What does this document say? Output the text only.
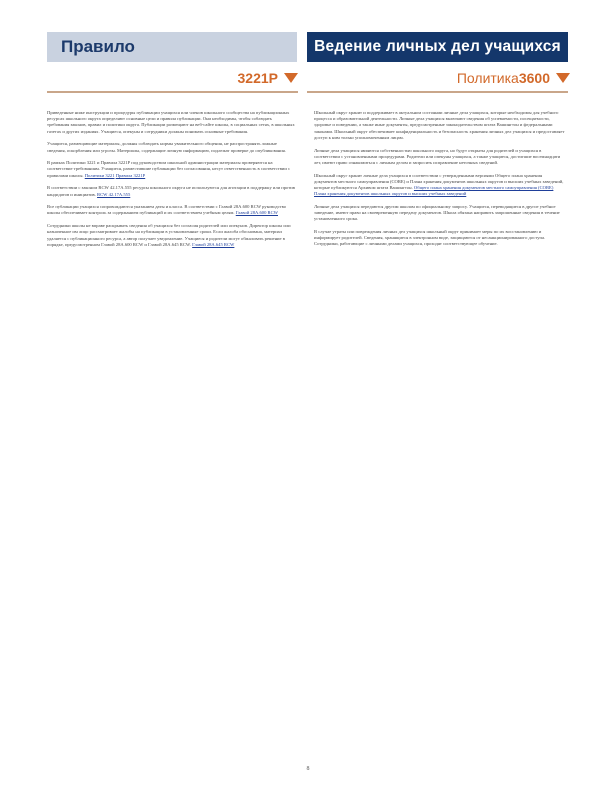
Правило	Ведение личных дел учащихся
3221P	Политика 3600

Приведенные ниже инструкции и процедуры публикации учащихся или членов школьного сообщества на публикационных ресурсах школьного округа определяют основные цели и правила публикации. Они необходимы, чтобы соблюдать требования законов, правил и политики округа. Публикации размещают на веб-сайте школы, в социальных сетях, в школьных газетах и других изданиях. Учащиеся, опекуны и сотрудники должны понимать основные требования.

Учащиеся, размещающие материалы, должны соблюдать нормы уважительного общения, не распространять ложные сведения, оскорбления или угрозы. Материалы, содержащие личную информацию, подлежат проверке до опубликования.

В рамках Политики 3221 и Правила 3221Р под руководством школьной администрации материалы проверяются на соответствие требованиям. Учащиеся, разместившие публикации без согласования, несут ответственность в соответствии с правилами школы. Политики 3221 Правила 3221Р

В соответствии с законом RCW 42.17A.555 ресурсы школьного округа не используются для агитации в поддержку или против кандидатов и инициатив. RCW 42.17A.555

Все публикации учащихся сопровождаются указанием даты и класса. В соответствии с Главой 28А.600 RCW руководство школы обеспечивает контроль за содержанием публикаций и их соответствием учебным целям. Главой 28А.600 RCW

Сотрудники школы не вправе раскрывать сведения об учащихся без согласия родителей или опекунов. Директор школы или назначенное им лицо рассматривает жалобы на публикации в установленные сроки. Если жалоба обоснована, материал удаляется с публикационного ресурса, а автор получает уведомление. Учащиеся и родители могут обжаловать решение в порядке, предусмотренном Главой 28А.600 RCW и Главой 28А.645 RCW. Главой 28А.645 RCW

Школьный округ хранит и поддерживает в актуальном состоянии личные дела учащихся, которые необходимы для учебного процесса и образовательной деятельности. Личные дела учащихся включают сведения об успеваемости, посещаемости, здоровье и поведении, а также иные документы, предусмотренные законодательством штата Вашингтон и федеральными законами. Школьный округ обеспечивает конфиденциальность и безопасность хранения личных дел учащихся и предоставляет доступ к ним только уполномоченным лицам.

Личные дела учащихся являются собственностью школьного округа, но будут открыты для родителей и учащихся в соответствии с установленными процедурами. Родители или опекуны учащихся, а также учащиеся, достигшие восемнадцати лет, имеют право ознакомиться с личным делом и запросить исправление неточных сведений.

Школьный округ хранит личные дела учащихся в соответствии с утвержденными версиями Общего плана хранения документов местного самоуправления (CORE) и Плана хранения документов школьных округов и высших учебных заведений, которые публикуются Архивом штата Вашингтон. Общего плана хранения документов местного самоуправления (CORE) Плана хранения документов школьных округов и высших учебных заведений

Личные дела учащихся передаются другим школам по официальному запросу. Учащиеся, переводящиеся в другое учебное заведение, имеют право на своевременную передачу документов. Школа обязана направить запрошенные сведения в течение установленного срока.

В случае утраты или повреждения личных дел учащихся школьный округ принимает меры по их восстановлению и информирует родителей. Сведения, хранящиеся в электронном виде, защищаются от несанкционированного доступа. Сотрудники, работающие с личными делами учащихся, проходят соответствующее обучение.

8
